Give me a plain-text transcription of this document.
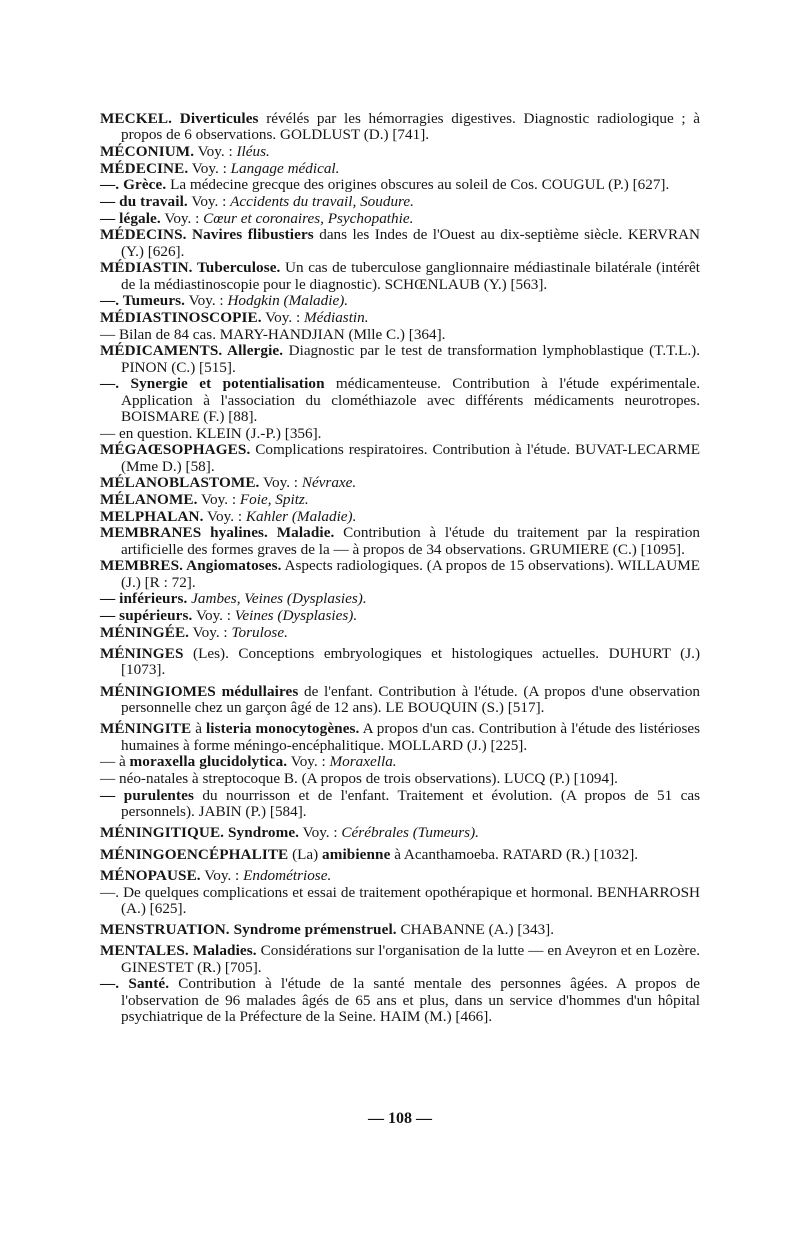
MECKEL. Diverticules révélés par les hémorragies digestives. Diagnostic radiologique ; à propos de 6 observations. GOLDLUST (D.) [741].

MÉCONIUM. Voy. : Iléus.

MÉDECINE. Voy. : Langage médical.

—. Grèce. La médecine grecque des origines obscures au soleil de Cos. COUGUL (P.) [627].

— du travail. Voy. : Accidents du travail, Soudure.

— légale. Voy. : Cœur et coronaires, Psychopathie.

MÉDECINS. Navires flibustiers dans les Indes de l'Ouest au dix-septième siècle. KERVRAN (Y.) [626].

MÉDIASTIN. Tuberculose. Un cas de tuberculose ganglionnaire médiastinale bilatérale (intérêt de la médiastinoscopie pour le diagnostic). SCHŒNLAUB (Y.) [563].

—. Tumeurs. Voy. : Hodgkin (Maladie).

MÉDIASTINOSCOPIE. Voy. : Médiastin.

— Bilan de 84 cas. MARY-HANDJIAN (Mlle C.) [364].

MÉDICAMENTS. Allergie. Diagnostic par le test de transformation lymphoblastique (T.T.L.). PINON (C.) [515].

—. Synergie et potentialisation médicamenteuse. Contribution à l'étude expérimentale. Application à l'association du clométhiazole avec différents médicaments neurotropes. BOISMARE (F.) [88].

— en question. KLEIN (J.-P.) [356].

MÉGAŒSOPHAGES. Complications respiratoires. Contribution à l'étude. BUVAT-LECARME (Mme D.) [58].

MÉLANOBLASTOME. Voy. : Névraxe.

MÉLANOME. Voy. : Foie, Spitz.

MELPHALAN. Voy. : Kahler (Maladie).

MEMBRANES hyalines. Maladie. Contribution à l'étude du traitement par la respiration artificielle des formes graves de la — à propos de 34 observations. GRUMIERE (C.) [1095].

MEMBRES. Angiomatoses. Aspects radiologiques. (A propos de 15 observations). WILLAUME (J.) [R : 72].

— inférieurs. Jambes, Veines (Dysplasies).

— supérieurs. Voy. : Veines (Dysplasies).

MÉNINGÉE. Voy. : Torulose.

MÉNINGES (Les). Conceptions embryologiques et histologiques actuelles. DUHURT (J.) [1073].

MÉNINGIOMES médullaires de l'enfant. Contribution à l'étude. (A propos d'une observation personnelle chez un garçon âgé de 12 ans). LE BOUQUIN (S.) [517].

MÉNINGITE à listeria monocytogènes. A propos d'un cas. Contribution à l'étude des listérioses humaines à forme méningo-encéphalitique. MOLLARD (J.) [225].

— à moraxella glucidolytica. Voy. : Moraxella.

— néo-natales à streptocoque B. (A propos de trois observations). LUCQ (P.) [1094].

— purulentes du nourrisson et de l'enfant. Traitement et évolution. (A propos de 51 cas personnels). JABIN (P.) [584].

MÉNINGITIQUE. Syndrome. Voy. : Cérébrales (Tumeurs).

MÉNINGOENCÉPHALITE (La) amibienne à Acanthamoeba. RATARD (R.) [1032].

MÉNOPAUSE. Voy. : Endométriose.

—. De quelques complications et essai de traitement opothérapique et hormonal. BENHARROSH (A.) [625].

MENSTRUATION. Syndrome prémenstruel. CHABANNE (A.) [343].

MENTALES. Maladies. Considérations sur l'organisation de la lutte — en Aveyron et en Lozère. GINESTET (R.) [705].

—. Santé. Contribution à l'étude de la santé mentale des personnes âgées. A propos de l'observation de 96 malades âgés de 65 ans et plus, dans un service d'hommes d'un hôpital psychiatrique de la Préfecture de la Seine. HAIM (M.) [466].

— 108 —
